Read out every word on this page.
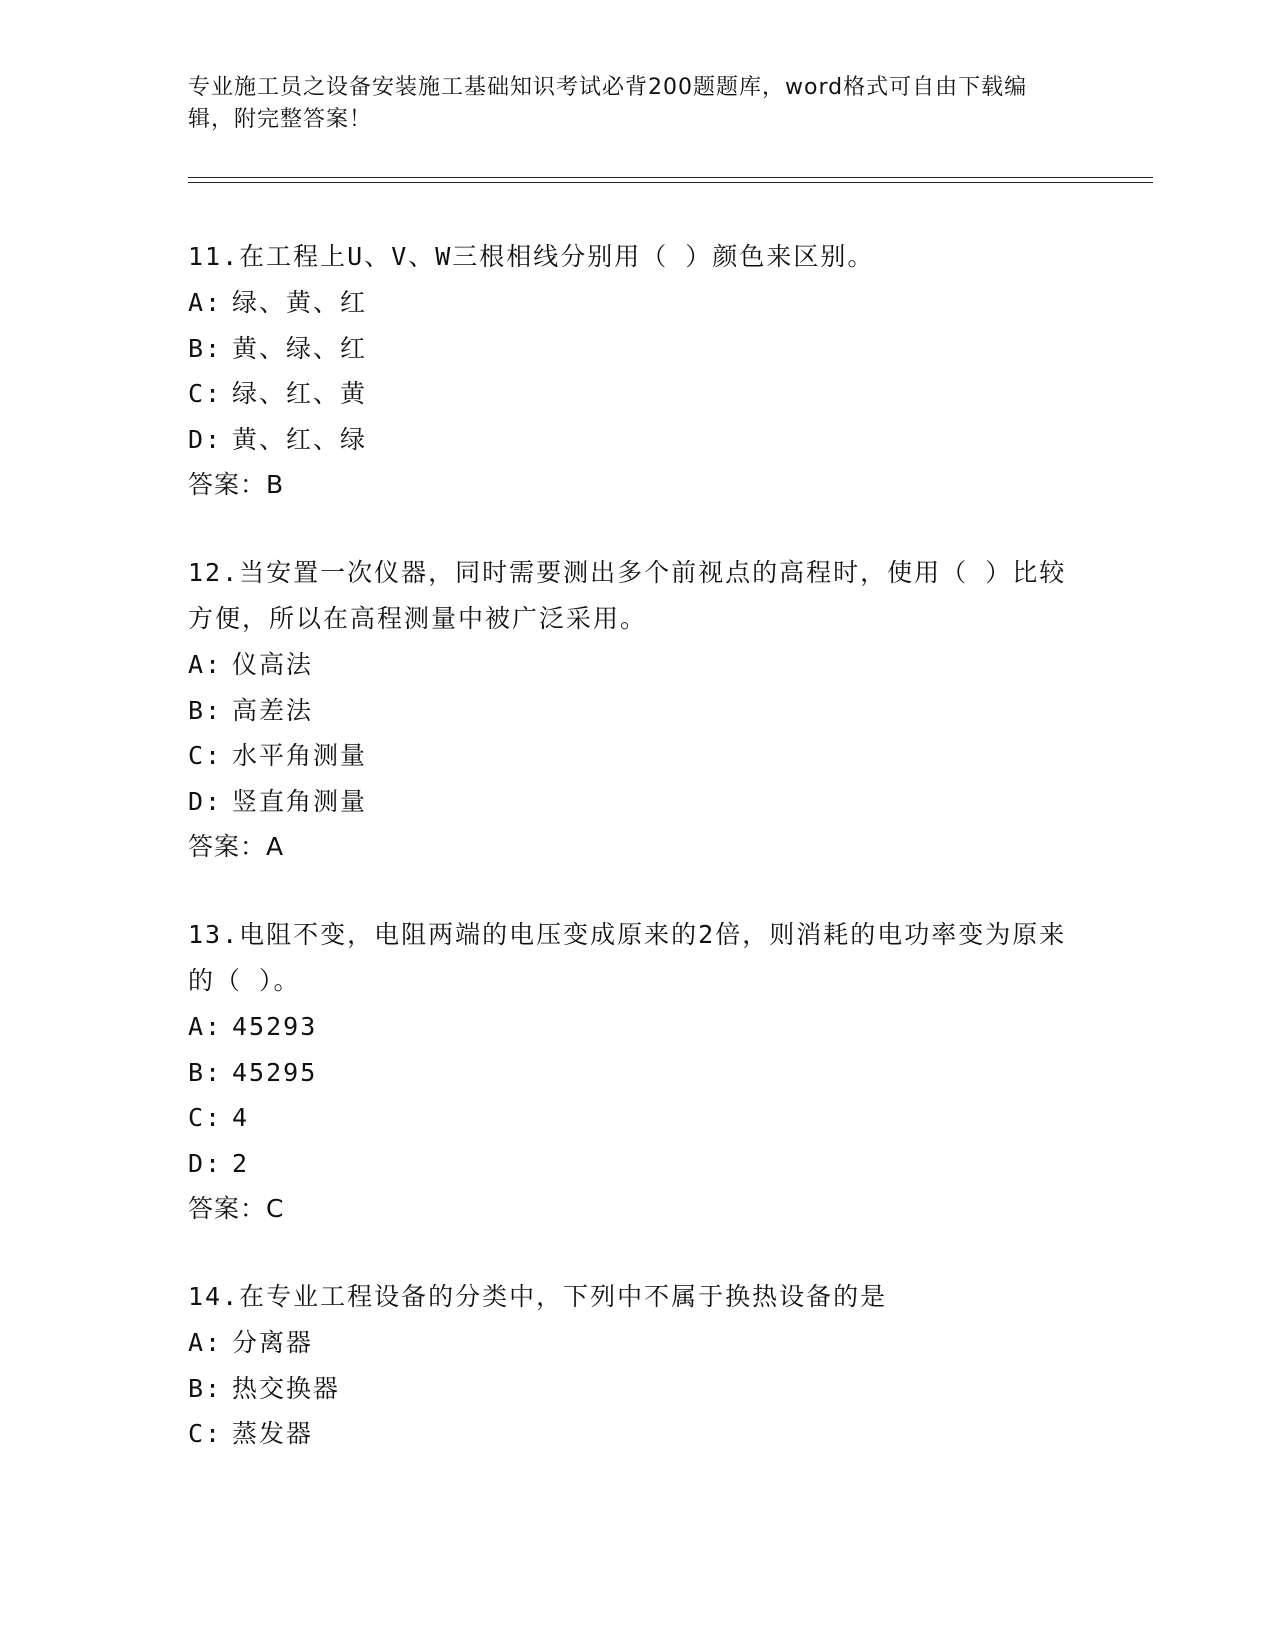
专业施工员之设备安装施工基础知识考试必背200题题库，word格式可自由下载编辑，附完整答案！

11.在工程上U、V、W三根相线分别用（ ）颜色来区别。

A: 绿、黄、红
B: 黄、绿、红
C: 绿、红、黄
D: 黄、红、绿
答案：B

12.当安置一次仪器，同时需要测出多个前视点的高程时，使用（ ）比较方便，所以在高程测量中被广泛采用。

A: 仪高法
B: 高差法
C: 水平角测量
D: 竖直角测量
答案：A

13.电阻不变，电阻两端的电压变成原来的2倍，则消耗的电功率变为原来的（ ）。

A: 45293
B: 45295
C: 4
D: 2
答案：C

14.在专业工程设备的分类中，下列中不属于换热设备的是

A: 分离器
B: 热交换器
C: 蒸发器
